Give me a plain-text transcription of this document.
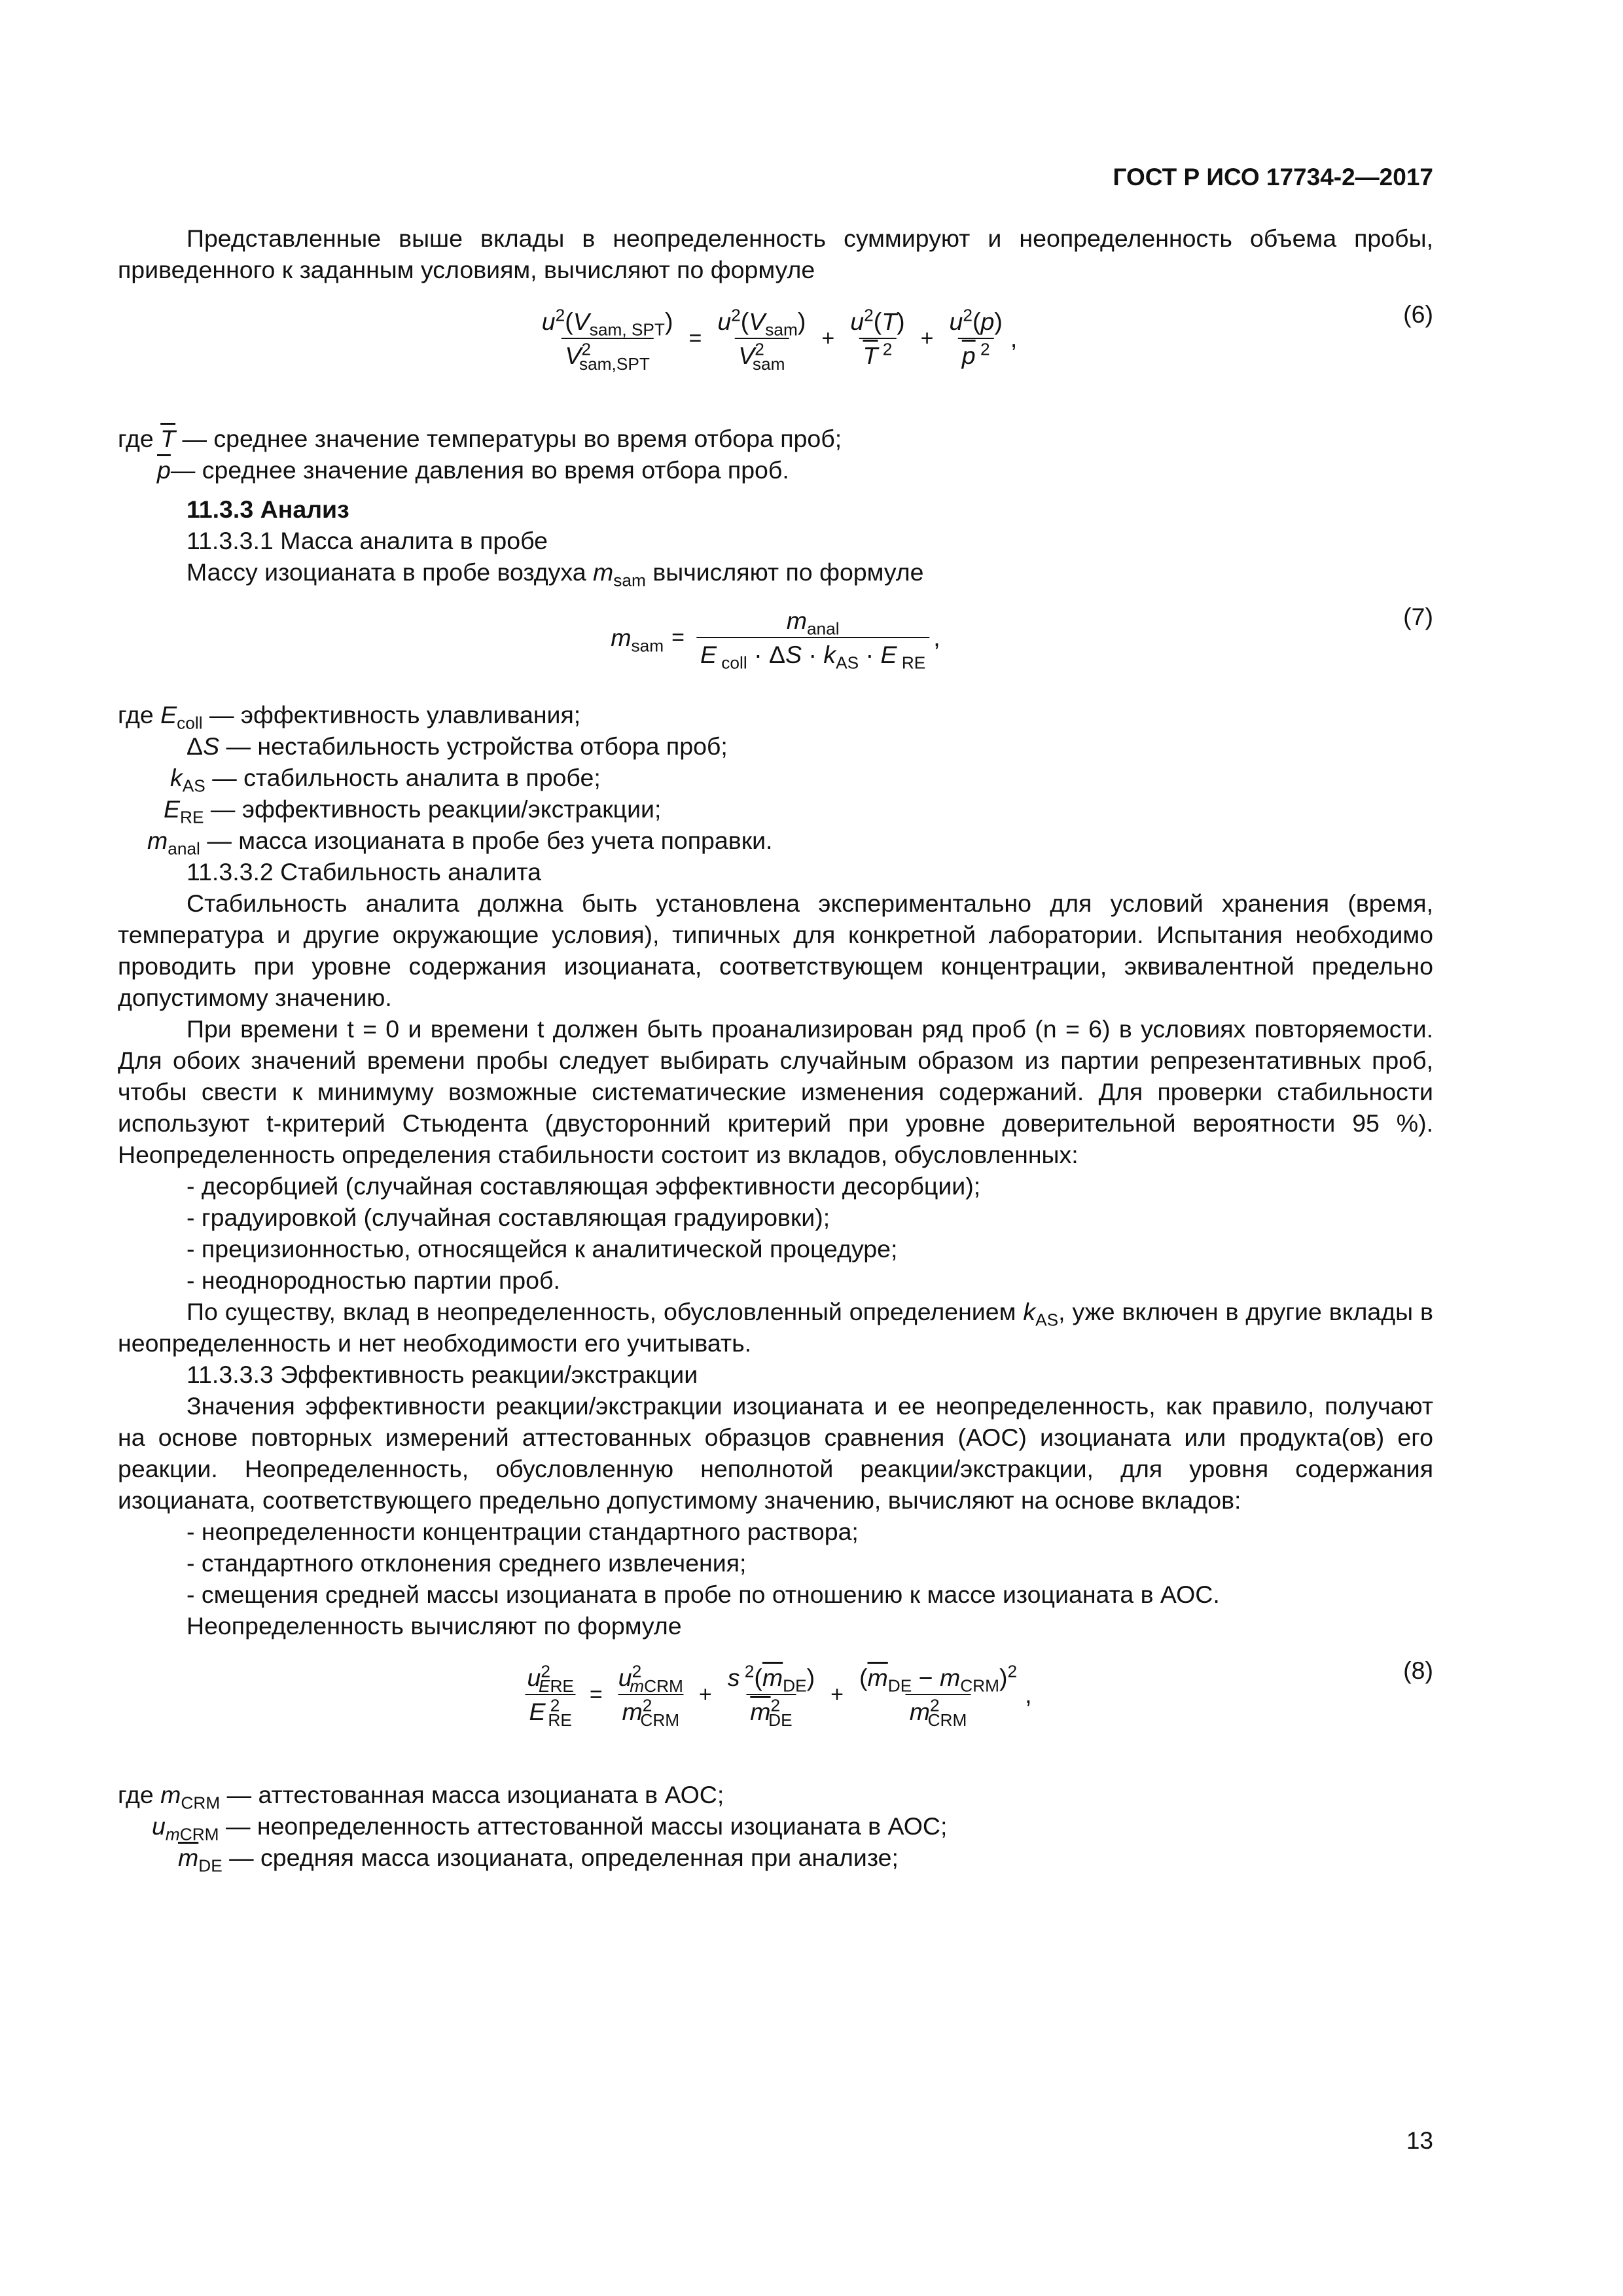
ГОСТ Р ИСО 17734-2—2017

Представленные выше вклады в неопределенность суммируют и неопределенность объема пробы, приведенного к заданным условиям, вычисляют по формуле

$\frac{u^2(V_{sam, SPT})}{V^2_{sam,SPT}} = \frac{u^2(V_{sam})}{V^2_{sam}} + \frac{u^2(T)}{\overline{T} ^2} + \frac{u^2(p)}{\overline{p} ^2}$ ,
(6)

где $\overline{T}$ — среднее значение температуры во время отбора проб;

$\overline{p}—$ среднее значение давления во время отбора проб.

11.3.3 Анализ

11.3.3.1 Масса аналита в пробе

Массу изоцианата в пробе воздуха $m_{sam}$ вычисляют по формуле

$m_{sam} = \frac{m_{anal}}{E _{coll} \cdot \Delta S \cdot k_{AS} \cdot E _{RE}}$ ,
(7)

где $E_{coll}$ — эффективность улавливания;

ΔS — нестабильность устройства отбора проб;

$k_{AS}$ — стабильность аналита в пробе;

$E_{RE}$ — эффективность реакции/экстракции;

$m_{anal}$ — масса изоцианата в пробе без учета поправки.

11.3.3.2 Стабильность аналита

Стабильность аналита должна быть установлена экспериментально для условий хранения (время, температура и другие окружающие условия), типичных для конкретной лаборатории. Испытания необходимо проводить при уровне содержания изоцианата, соответствующем концентрации, эквивалентной предельно допустимому значению.

При времени t = 0 и времени t должен быть проанализирован ряд проб (n = 6) в условиях повторяемости. Для обоих значений времени пробы следует выбирать случайным образом из партии репрезентативных проб, чтобы свести к минимуму возможные систематические изменения содержаний. Для проверки стабильности используют t-критерий Стьюдента (двусторонний критерий при уровне доверительной вероятности 95 %). Неопределенность определения стабильности состоит из вкладов, обусловленных:

- десорбцией (случайная составляющая эффективности десорбции);

- градуировкой (случайная составляющая градуировки);

- прецизионностью, относящейся к аналитической процедуре;

- неоднородностью партии проб.

По существу, вклад в неопределенность, обусловленный определением $k_{AS}$, уже включен в другие вклады в неопределенность и нет необходимости его учитывать.

11.3.3.3 Эффективность реакции/экстракции

Значения эффективности реакции/экстракции изоцианата и ее неопределенность, как правило, получают на основе повторных измерений аттестованных образцов сравнения (АОС) изоцианата или продукта(ов) его реакции. Неопределенность, обусловленную неполнотой реакции/экстракции, для уровня содержания изоцианата, соответствующего предельно допустимому значению, вычисляют на основе вкладов:

- неопределенности концентрации стандартного раствора;

- стандартного отклонения среднего извлечения;

- смещения средней массы изоцианата в пробе по отношению к массе изоцианата в АОС.

Неопределенность вычисляют по формуле

$\frac{u^2_{ERE}}{E ^2_{RE}} = \frac{u^2_{mCRM}}{m^2_{CRM}} + \frac{s ^2(\overline{m}_{DE})}{\overline{m}^2_{DE}} + \frac{(\overline{m}_{DE} - m_{CRM})^2}{m^2_{CRM}}$ ,
(8)

где $m_{CRM}$ — аттестованная масса изоцианата в АОС;

$u_{mCRM}$ — неопределенность аттестованной массы изоцианата в АОС;

$\overline{m}_{DE}$ — средняя масса изоцианата, определенная при анализе;

13
